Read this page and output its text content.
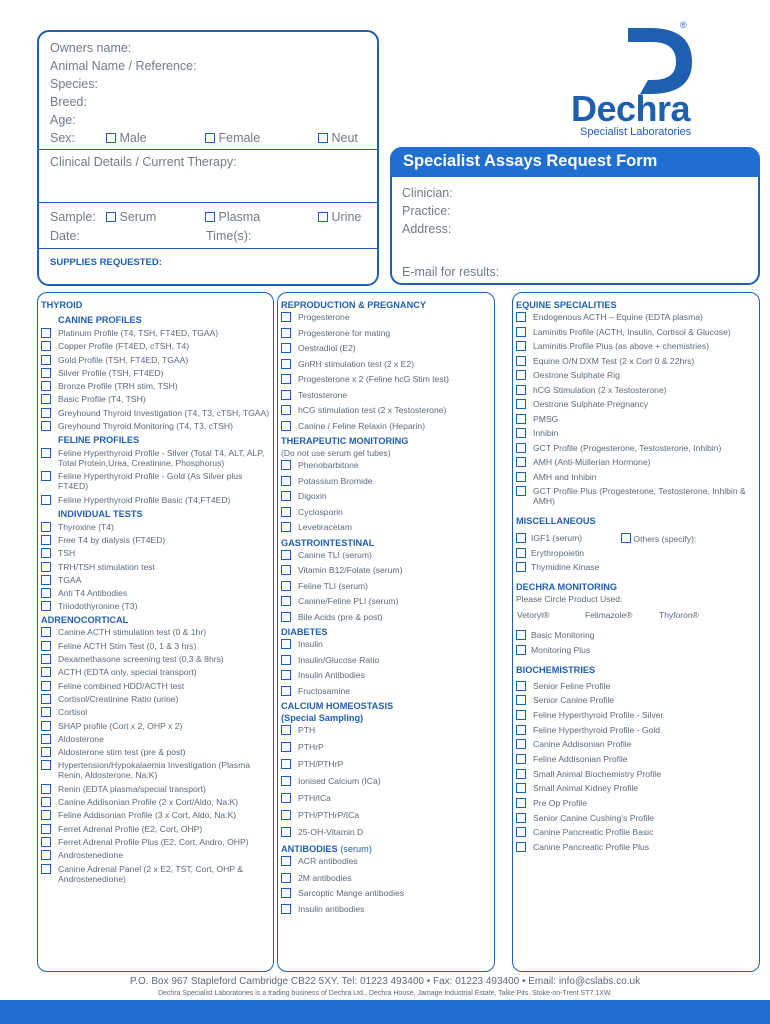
Owners name:
Animal Name / Reference:
Species:
Breed:
Age:
Sex:	Male	Female	Neut
Clinical Details / Current Therapy:
Sample:	Serum	Plasma	Urine
Date:	Time(s):
SUPPLIES REQUESTED:
®
Dechra
Specialist Laboratories
Specialist Assays Request Form
Clinician:
Practice:
Address:
E-mail for results:
THYROID
CANINE PROFILES
Platinum Profile (T4, TSH, FT4ED, TGAA)
Copper Profile (FT4ED, cTSH, T4)
Gold Profile (TSH, FT4ED, TGAA)
Silver Profile (TSH, FT4ED)
Bronze Profile (TRH stim, TSH)
Basic Profile (T4, TSH)
Greyhound Thyroid Investigation (T4, T3, cTSH, TGAA)
Greyhound Thyroid Monitoring (T4, T3, cTSH)
FELINE PROFILES
Feline Hyperthyroid Profile - Silver (Total T4, ALT, ALP, Total Protein,Urea, Creatinine, Phosphorus)
Feline Hyperthyroid Profile - Gold (As Silver plus FT4ED)
Feline Hyperthyroid Profile Basic (T4,FT4ED)
INDIVIDUAL TESTS
Thyroxine (T4)
Free T4 by dialysis (FT4ED)
TSH
TRH/TSH stimulation test
TGAA
Anti T4 Antibodies
Triiodothyronine (T3)
ADRENOCORTICAL
Canine ACTH stimulation test (0 & 1hr)
Feline ACTH Stim Test (0, 1 & 3 hrs)
Dexamethasone screening test (0,3 & 8hrs)
ACTH (EDTA only, special transport)
Feline combined HDD/ACTH test
Cortisol/Creatinine Ratio (urine)
Cortisol
SHAP profile (Cort x 2, OHP x 2)
Aldosterone
Aldosterone stim test (pre & post)
Hypertension/Hypokalaemia Investigation (Plasma Renin, Aldosterone, Na:K)
Renin (EDTA plasma/special transport)
Canine Addisonian Profile (2 x Cort/Aldo, Na:K)
Feline Addisonian Profile (3 x Cort, Aldo, Na:K)
Ferret Adrenal Profile (E2, Cort, OHP)
Ferret Adrenal Profile Plus (E2, Cort, Andro, OHP)
Androstenedione
Canine Adrenal Panel (2 x E2, TST, Cort, OHP & Androstenedione)
REPRODUCTION & PREGNANCY
Progesterone
Progesterone for mating
Oestradiol (E2)
GnRH stimulation test (2 x E2)
Progesterone x 2 (Feline hcG Stim test)
Testosterone
hCG stimulation test (2 x Testosterone)
Canine / Feline Relaxin (Heparin)
THERAPEUTIC MONITORING
(Do not use serum gel tubes)
Phenobarbitone
Potassium Bromide
Digoxin
Cyclosporin
Levetiracetam
GASTROINTESTINAL
Canine TLI (serum)
Vitamin B12/Folate (serum)
Feline TLI (serum)
Canine/Feline PLI (serum)
Bile Acids (pre & post)
DIABETES
Insulin
Insulin/Glucose Ratio
Insulin Antibodies
Fructosamine
CALCIUM HOMEOSTASIS
(Special Sampling)
PTH
PTHrP
PTH/PTHrP
Ionised Calcium (ICa)
PTH/ICa
PTH/PTHrP/ICa
25-OH-Vitamin D
ANTIBODIES (serum)
ACR antibodies
2M antibodies
Sarcoptic Mange antibodies
Insulin antibodies
EQUINE SPECIALITIES
Endogenous ACTH – Equine (EDTA plasma)
Laminitis Profile (ACTH, Insulin, Cortisol & Glucose)
Laminitis Profile Plus (as above + chemistries)
Equine O/N DXM Test (2 x Cort 0 & 22hrs)
Oestrone Sulphate Rig
hCG Stimulation (2 x Testosterone)
Oestrone Sulphate Pregnancy
PMSG
Inhibin
GCT Profile (Progesterone, Testosterone, Inhibin)
AMH (Anti-Müllerian Hormone)
AMH and Inhibin
GCT Profile Plus (Progesterone, Testosterone, Inhibin & AMH)
MISCELLANEOUS
IGF1 (serum)	Others (specify):
Erythropoietin
Thymidine Kinase
DECHRA MONITORING
Please Circle Product Used:
Vetoryl®	Felimazole®	Thyforon®
Basic Monitoring
Monitoring Plus
BIOCHEMISTRIES
Senior Feline Profile
Senior Canine Profile
Feline Hyperthyroid Profile - Silver
Feline Hyperthyroid Profile - Gold
Canine Addisonian Profile
Feline Addisonian Profile
Small Animal Biochemistry Profile
Small Animal Kidney Profile
Pre Op Profile
Senior Canine Cushing's Profile
Canine Pancreatic Profile Basic
Canine Pancreatic Profile Plus
P.O. Box 967 Stapleford Cambridge CB22 5XY. Tel: 01223 493400 • Fax: 01223 493400 • Email: info@cslabs.co.uk
Dechra Specialist Laboratories is a trading business of Dechra Ltd., Dechra House, Jamage Industrial Estate, Talke Pits, Stoke-on-Trent ST7 1XW.
